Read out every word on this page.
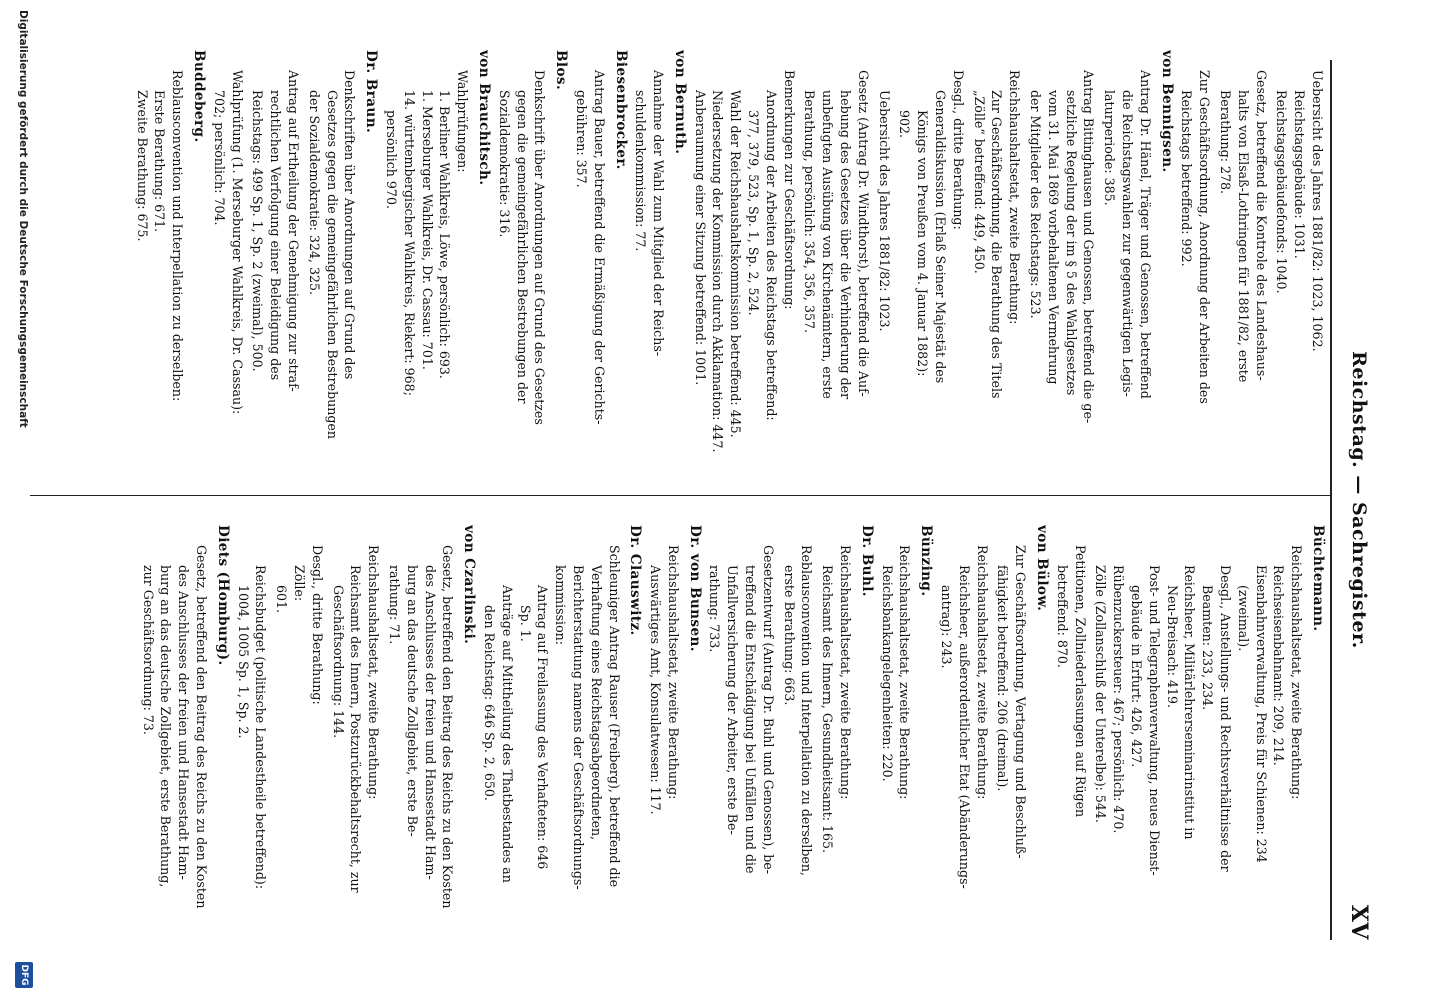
Reichstag. — Sachregister.
XV
Uebersicht des Jahres 1881/82: 1023, 1062.
Reichstagsgebäude: 1031.
Reichstagsgebäudefonds: 1040.
Gesetz, betreffend die Kontrole des Landeshaus-
halts von Elsaß-Lothringen für 1881/82, erste
Berathung: 278.
Zur Geschäftsordnung, Anordnung der Arbeiten des
Reichstags betreffend: 992.
von Bennigsen.
Antrag Dr. Hänel, Träger und Genossen, betreffend
die Reichstagswahlen zur gegenwärtigen Legis-
laturperiode: 385.
Antrag Bittinghausen und Genossen, betreffend die ge-
setzliche Regelung der im § 5 des Wahlgesetzes
vom 31. Mai 1869 vorbehaltenen Vermehrung
der Mitglieder des Reichstags: 523.
Reichshaushaltsetat, zweite Berathung:
Zur Geschäftsordnung, die Berathung des Titels
„Zölle“ betreffend: 449, 450.
Desgl., dritte Berathung:
Generaldiskussion (Erlaß Seiner Majestät des
Königs von Preußen vom 4. Januar 1882):
902.
Uebersicht des Jahres 1881/82: 1023.
Gesetz (Antrag Dr. Windthorst), betreffend die Auf-
hebung des Gesetzes über die Verhinderung der
unbefugten Ausübung von Kirchenämtern, erste
Berathung, persönlich: 354, 356, 357.
Bemerkungen zur Geschäftsordnung:
Anordnung der Arbeiten des Reichstags betreffend:
377, 379, 523, Sp. 1, Sp. 2, 524.
Wahl der Reichshaushaltskommission betreffend: 445.
Niedersetzung der Kommission durch Akklamation: 447.
Anberaumung einer Sitzung betreffend: 1001.
von Bernuth.
Annahme der Wahl zum Mitglied der Reichs-
schuldenkommission: 77.
Biesenbrocker.
Antrag Bauer, betreffend die Ermäßigung der Gerichts-
gebühren: 357.
Blos.
Denkschrift über Anordnungen auf Grund des Gesetzes
gegen die gemeingefährlichen Bestrebungen der
Sozialdemokratie: 316.
von Brauchitsch.
Wahlprüfungen:
1. Berliner Wahlkreis, Löwe, persönlich: 693.
1. Merseburger Wahlkreis, Dr. Cassau: 701.
14. württembergischer Wahlkreis, Riekert: 968;
persönlich 970.
Dr. Braun.
Denkschriften über Anordnungen auf Grund des
Gesetzes gegen die gemeingefährlichen Bestrebungen
der Sozialdemokratie: 324, 325.
Antrag auf Ertheilung der Genehmigung zur straf-
rechtlichen Verfolgung einer Beleidigung des
Reichstags: 499 Sp. 1, Sp. 2 (zweimal), 500.
Wahlprüfung (1. Merseburger Wahlkreis, Dr. Cassau):
702; persönlich: 704.
Buddeberg.
Reblausconvention und Interpellation zu derselben:
Erste Berathung: 671.
Zweite Berathung: 675.
Büchtemann.
Reichshaushaltsetat, zweite Berathung:
Reichseisenbahnamt: 209, 214.
Eisenbahnverwaltung, Preis für Schienen: 234
(zweimal).
Desgl., Anstellungs- und Rechtsverhältnisse der
Beamten: 233, 234.
Reichsheer, Militärlehrerseminarinstitut in
Neu-Breisach: 419.
Post- und Telegraphenverwaltung, neues Dienst-
gebäude in Erfurt: 426, 427.
Rübenzuckersteuer: 467; persönlich: 470.
Zölle (Zollanschluß der Unterelbe): 544.
Petitionen, Zollniederlassungen auf Rügen
betreffend: 870.
von Bülow.
Zur Geschäftsordnung, Vertagung und Beschluß-
fähigkeit betreffend: 206 (dreimal).
Reichshaushaltsetat, zweite Berathung:
Reichsheer, außerordentlicher Etat (Abänderungs-
antrag): 243.
Bünzing.
Reichshaushaltsetat, zweite Berathung:
Reichsbankangelegenheiten: 220.
Dr. Buhl.
Reichshaushaltsetat, zweite Berathung:
Reichsamt des Innern, Gesundheitsamt: 165.
Reblausconvention und Interpellation zu derselben,
erste Berathung: 663.
Gesetzentwurf (Antrag Dr. Buhl und Genossen), be-
treffend die Entschädigung bei Unfällen und die
Unfallversicherung der Arbeiter, erste Be-
rathung: 733.
Dr. von Bunsen.
Reichshaushaltsetat, zweite Berathung:
Auswärtiges Amt, Konsulatwesen: 117.
Dr. Clauswitz.
Schleuniger Antrag Rauser (Freiberg), betreffend die
Verhaftung eines Reichstagsabgeordneten,
Berichterstattung namens der Geschäftsordnungs-
kommission:
Antrag auf Freilassung des Verhafteten: 646
Sp. 1.
Anträge auf Mittheilung des Thatbestandes an
den Reichstag: 646 Sp. 2, 650.
von Czarlinski.
Gesetz, betreffend den Beitrag des Reichs zu den Kosten
des Anschlusses der freien und Hansestadt Ham-
burg an das deutsche Zollgebiet, erste Be-
rathung: 71.
Reichshaushaltsetat, zweite Berathung:
Reichsamt des Innern, Postzurückbehaltsrecht, zur
Geschäftsordnung: 144.
Desgl., dritte Berathung:
Zölle:
601.
Reichsbudget (politische Landestheile betreffend):
1004, 1005 Sp. 1, Sp. 2.
Diets (Homburg).
Gesetz, betreffend den Beitrag des Reichs zu den Kosten
des Anschlusses der freien und Hansestadt Ham-
burg an das deutsche Zollgebiet, erste Berathung,
zur Geschäftsordnung: 73.
Digitalisierung gefördert durch die Deutsche Forschungsgemeinschaft
DFG
